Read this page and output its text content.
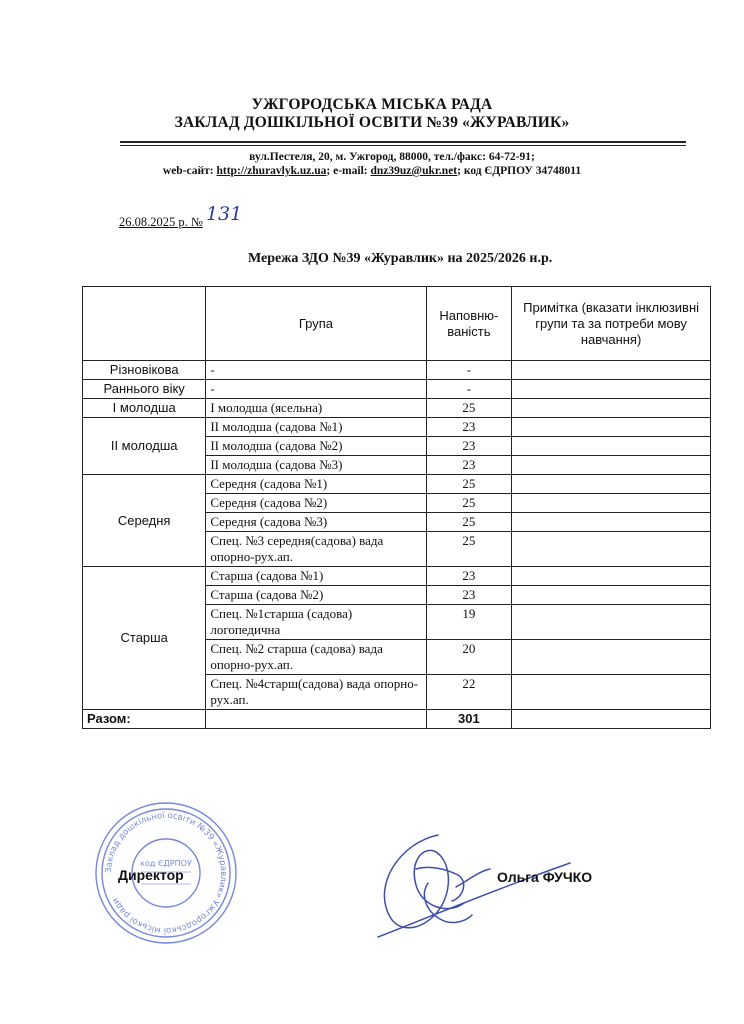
УЖГОРОДСЬКА МІСЬКА РАДА
ЗАКЛАД ДОШКІЛЬНОЇ ОСВІТИ №39 «ЖУРАВЛИК»
вул.Пестеля, 20, м. Ужгород, 88000, тел./факс: 64-72-91;
web-сайт: http://zhuravlyk.uz.ua; e-mail: dnz39uz@ukr.net; код ЄДРПОУ 34748011
26.08.2025 р. № 131
Мережа ЗДО №39 «Журавлик» на 2025/2026 н.р.
	Група	Наповню-ваність	Примітка (вказати інклюзивні групи та за потреби мову навчання)
Різновікова	-	-	
Раннього віку	-	-	
І молодша	І молодша (ясельна)	25	
ІІ молодша	ІІ молодша (садова №1)	23	
	ІІ молодша (садова №2)	23	
	ІІ молодша (садова №3)	23	
Середня	Середня (садова №1)	25	
	Середня (садова №2)	25	
	Середня (садова №3)	25	
	Спец. №3 середня(садова) вада опорно-рух.ап.	25	
Старша	Старша (садова №1)	23	
	Старша (садова №2)	23	
	Спец. №1старша (садова) логопедична	19	
	Спец. №2 старша (садова) вада опорно-рух.ап.	20	
	Спец. №4старш(садова) вада опорно-рух.ап.	22	
Разом:		301	
Заклад дошкільної освіти №39 «Журавлик» Ужгородської міської ради
код ЄДРПОУ
Директор	Ольга ФУЧКО
